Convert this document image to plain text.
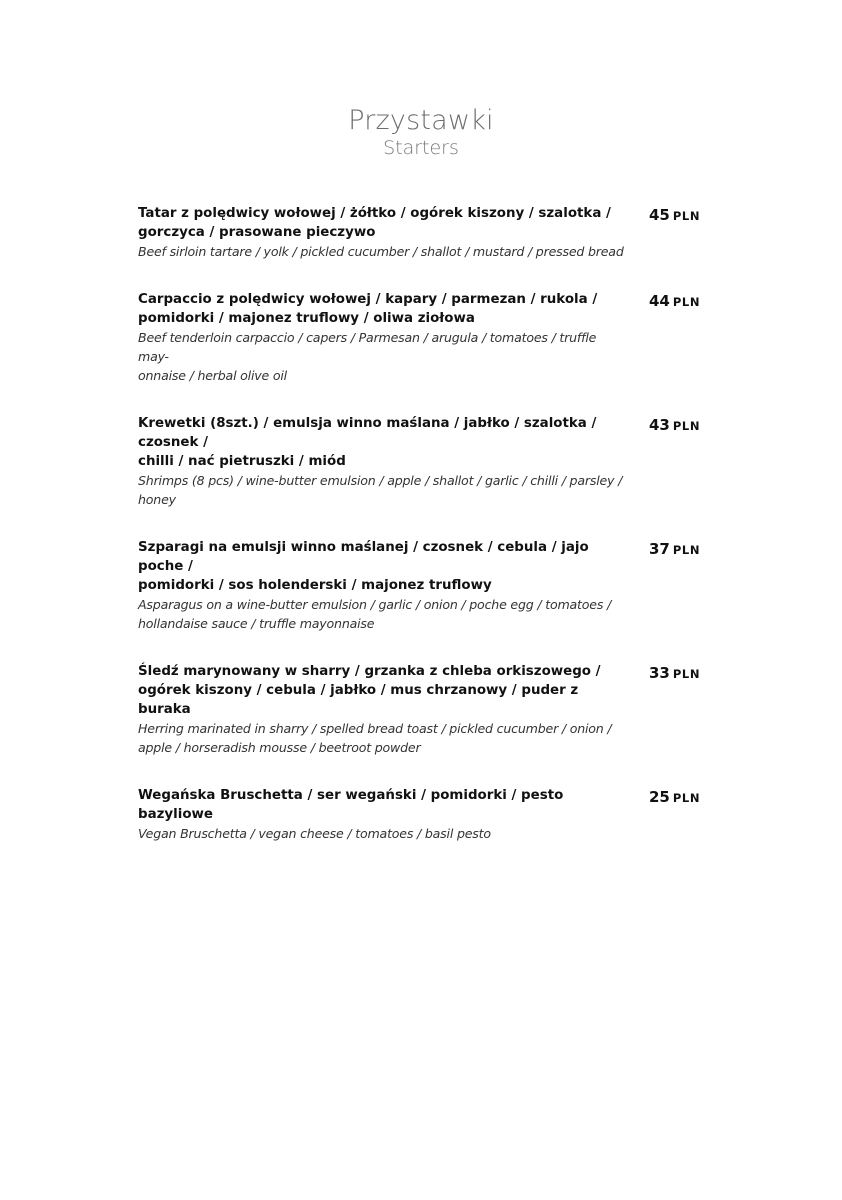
Przystawki
Starters
Tatar z polędwicy wołowej / żółtko / ogórek kiszony / szalotka /
gorczyca / prasowane pieczywo
Beef sirloin tartare / yolk / pickled cucumber / shallot / mustard / pressed bread
45 PLN
Carpaccio z polędwicy wołowej / kapary / parmezan / rukola /
pomidorki / majonez truflowy / oliwa ziołowa
Beef tenderloin carpaccio / capers / Parmesan / arugula / tomatoes / truffle may-
onnaise / herbal olive oil
44 PLN
Krewetki (8szt.) / emulsja winno maślana / jabłko / szalotka / czosnek /
chilli / nać pietruszki / miód
Shrimps (8 pcs) / wine-butter emulsion / apple / shallot / garlic / chilli / parsley /
honey
43 PLN
Szparagi na emulsji winno maślanej / czosnek / cebula / jajo poche /
pomidorki / sos holenderski / majonez truflowy
Asparagus on a wine-butter emulsion / garlic / onion / poche egg / tomatoes /
hollandaise sauce / truffle mayonnaise
37 PLN
Śledź marynowany w sharry / grzanka z chleba orkiszowego /
ogórek kiszony / cebula / jabłko / mus chrzanowy / puder z buraka
Herring marinated in sharry / spelled bread toast / pickled cucumber / onion /
apple / horseradish mousse / beetroot powder
33 PLN
Wegańska Bruschetta / ser wegański / pomidorki / pesto bazyliowe
Vegan Bruschetta / vegan cheese / tomatoes / basil pesto
25 PLN
